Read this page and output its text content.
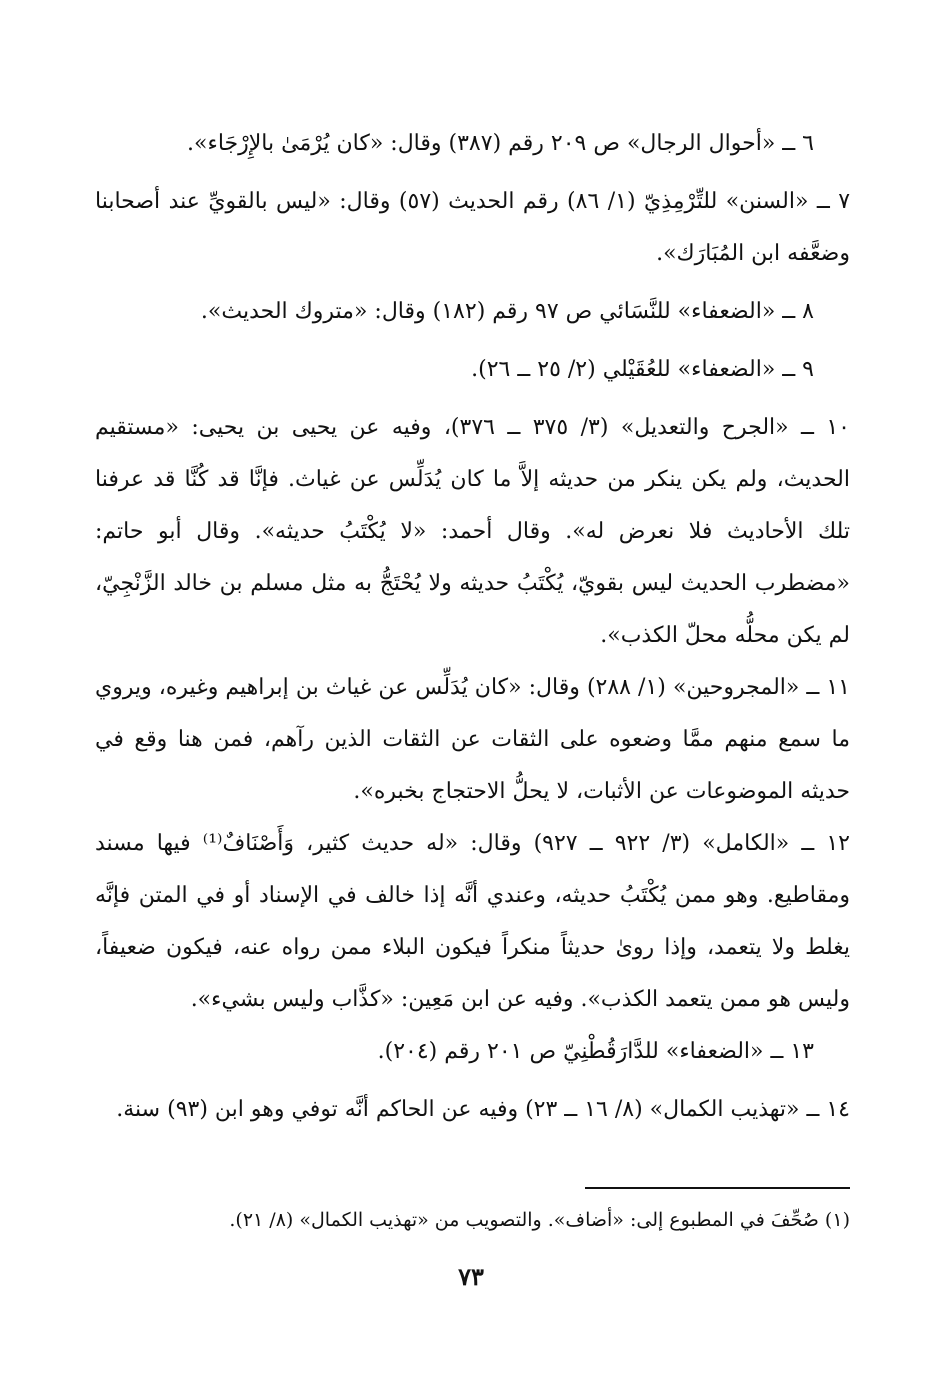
٦ ــ «أحوال الرجال» ص ٢٠٩ رقم (٣٨٧) وقال: «كان يُرْمَىٰ بالإِرْجَاء».

٧ ــ «السنن» للتِّرْمِذِيّ (١/ ٨٦) رقم الحديث (٥٧) وقال: «ليس بالقويِّ عند أصحابنا وضعَّفه ابن المُبَارَك».

٨ ــ «الضعفاء» للنَّسَائي ص ٩٧ رقم (١٨٢) وقال: «متروك الحديث».

٩ ــ «الضعفاء» للعُقَيْلي (٢/ ٢٥ ــ ٢٦).

١٠ ــ «الجرح والتعديل» (٣/ ٣٧٥ ــ ٣٧٦)، وفيه عن يحيى بن يحيى: «مستقيم الحديث، ولم يكن ينكر من حديثه إلاَّ ما كان يُدَلِّس عن غياث. فإنَّا قد كُنَّا قد عرفنا تلك الأحاديث فلا نعرض له». وقال أحمد: «لا يُكْتَبُ حديثه». وقال أبو حاتم: «مضطرب الحديث ليس بقويّ، يُكْتَبُ حديثه ولا يُحْتَجُّ به مثل مسلم بن خالد الزَّنْجِيّ، لم يكن محلُّه محلّ الكذب».

١١ ــ «المجروحين» (١/ ٢٨٨) وقال: «كان يُدَلِّس عن غياث بن إبراهيم وغيره، ويروي ما سمع منهم ممَّا وضعوه على الثقات عن الثقات الذين رآهم، فمن هنا وقع في حديثه الموضوعات عن الأثبات، لا يحلُّ الاحتجاج بخبره».

١٢ ــ «الكامل» (٣/ ٩٢٢ ــ ٩٢٧) وقال: «له حديث كثير، وَأَصْنَافٌ⁽¹⁾ فيها مسند ومقاطيع. وهو ممن يُكْتَبُ حديثه، وعندي أنَّه إذا خالف في الإسناد أو في المتن فإنَّه يغلط ولا يتعمد، وإذا روىٰ حديثاً منكراً فيكون البلاء ممن رواه عنه، فيكون ضعيفاً، وليس هو ممن يتعمد الكذب». وفيه عن ابن مَعِين: «كذَّاب وليس بشيء».

١٣ ــ «الضعفاء» للدَّارَقُطْنِيّ ص ٢٠١ رقم (٢٠٤).

١٤ ــ «تهذيب الكمال» (٨/ ١٦ ــ ٢٣) وفيه عن الحاكم أنَّه توفي وهو ابن (٩٣) سنة.

(١) صُحِّفَ في المطبوع إلى: «أضاف». والتصويب من «تهذيب الكمال» (٨/ ٢١).
٧٣
